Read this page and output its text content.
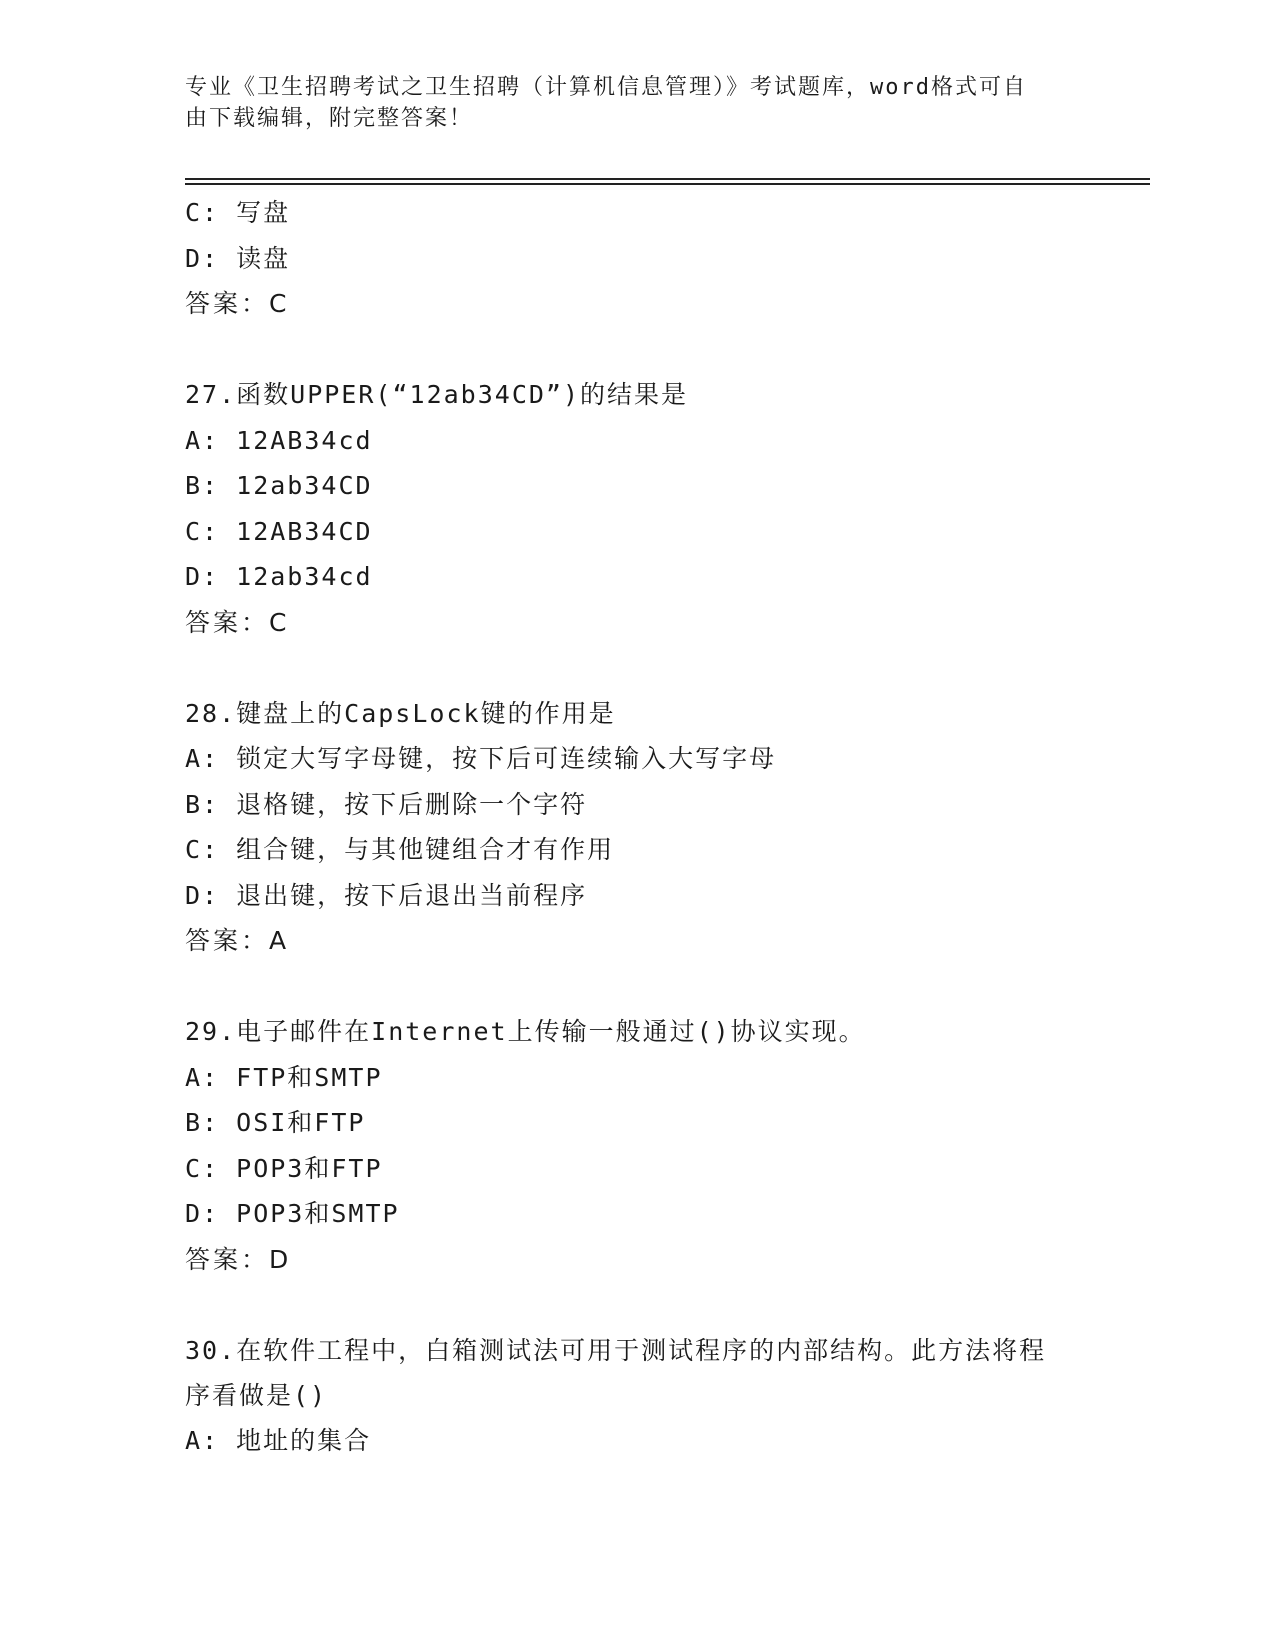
专业《卫生招聘考试之卫生招聘（计算机信息管理）》考试题库，word格式可自
由下载编辑，附完整答案！
C: 写盘
D: 读盘
答案：C
27.函数UPPER(“12ab34CD”)的结果是
A: 12AB34cd
B: 12ab34CD
C: 12AB34CD
D: 12ab34cd
答案：C
28.键盘上的CapsLock键的作用是
A: 锁定大写字母键，按下后可连续输入大写字母
B: 退格键，按下后删除一个字符
C: 组合键，与其他键组合才有作用
D: 退出键，按下后退出当前程序
答案：A
29.电子邮件在Internet上传输一般通过()协议实现。
A: FTP和SMTP
B: OSI和FTP
C: POP3和FTP
D: POP3和SMTP
答案：D
30.在软件工程中，白箱测试法可用于测试程序的内部结构。此方法将程序看做是()
A: 地址的集合
